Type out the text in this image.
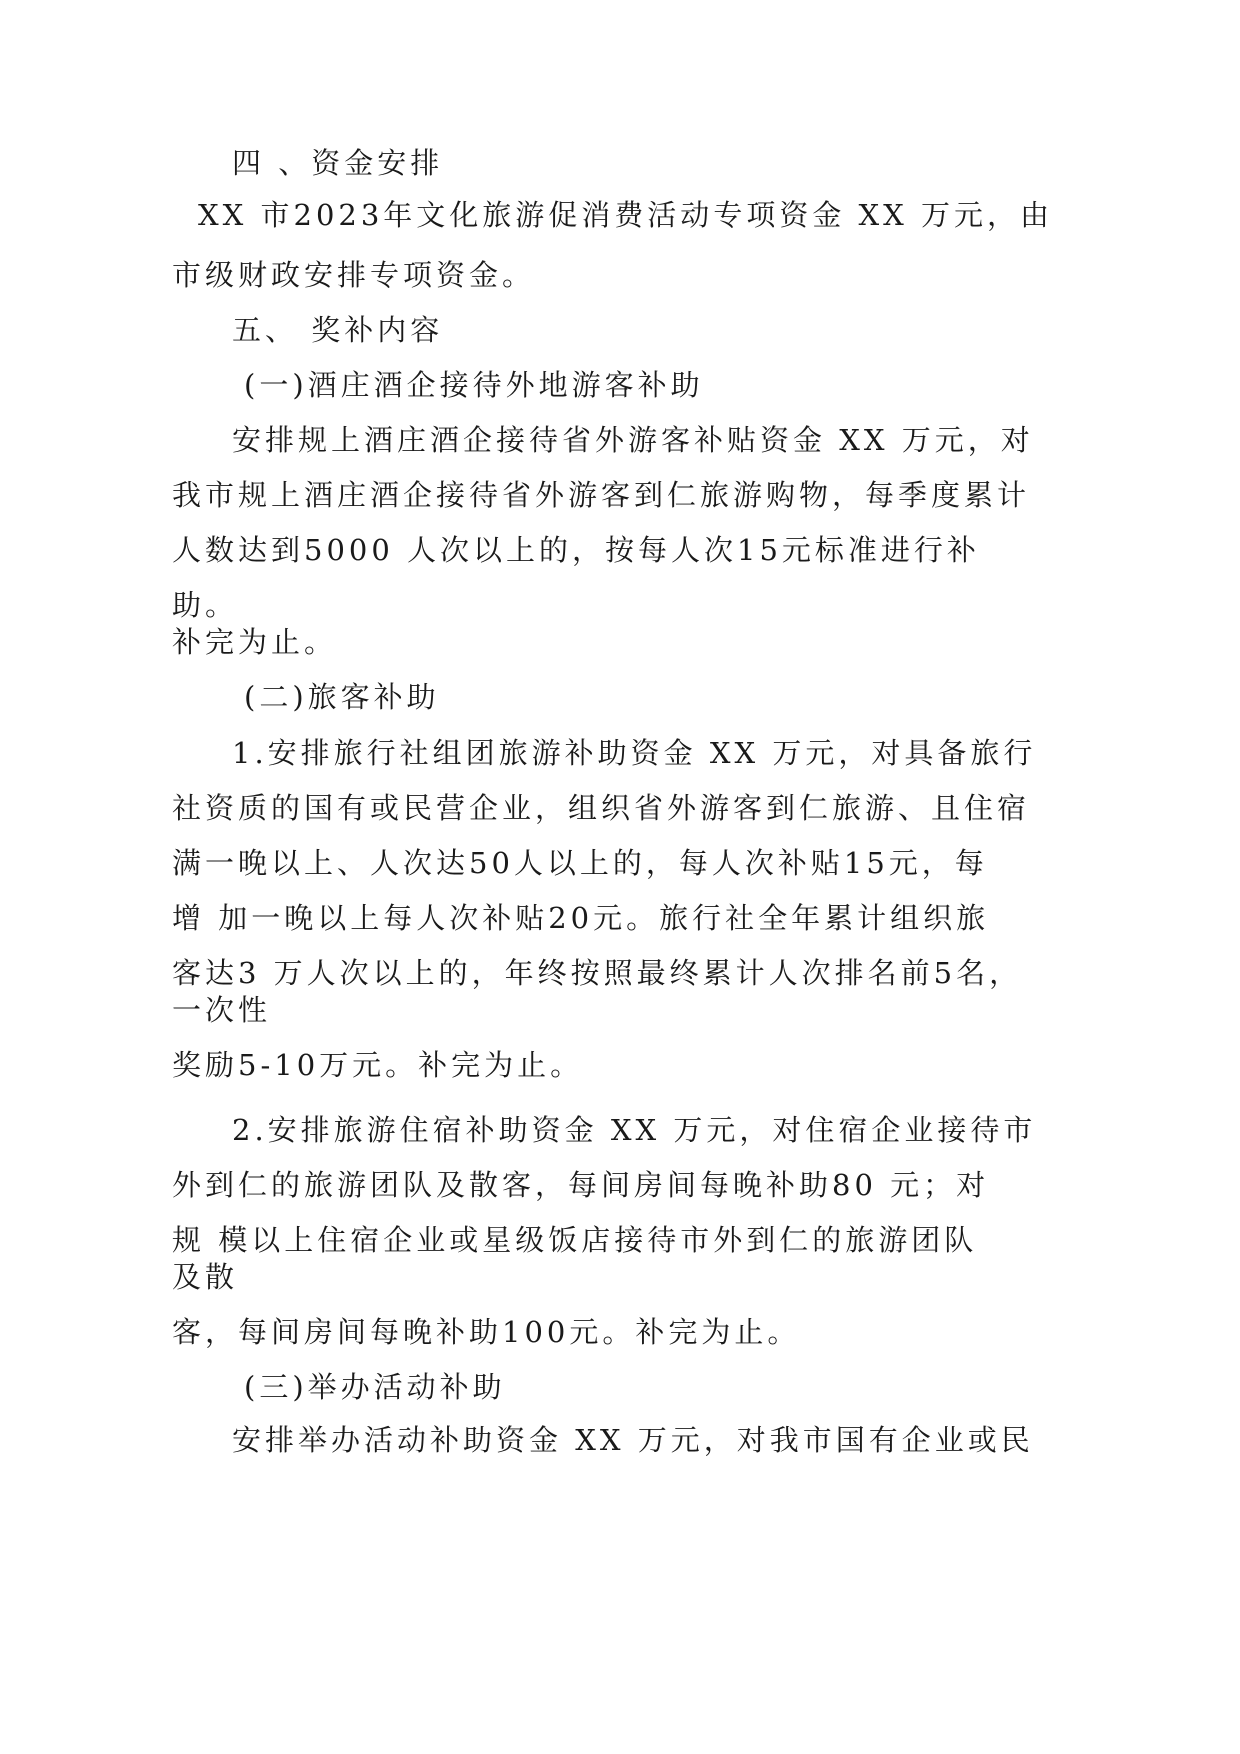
四 、资金安排

XX 市2023年文化旅游促消费活动专项资金 XX 万元，由

市级财政安排专项资金。

五、 奖补内容

(一)酒庄酒企接待外地游客补助

安排规上酒庄酒企接待省外游客补贴资金 XX 万元，对

我市规上酒庄酒企接待省外游客到仁旅游购物，每季度累计

人数达到5000 人次以上的，按每人次15元标准进行补

助。

补完为止。

(二)旅客补助

1.安排旅行社组团旅游补助资金 XX 万元，对具备旅行

社资质的国有或民营企业，组织省外游客到仁旅游、且住宿

满一晚以上、人次达50人以上的，每人次补贴15元，每

增 加一晚以上每人次补贴20元。旅行社全年累计组织旅

客达3 万人次以上的，年终按照最终累计人次排名前5名，

一次性

奖励5-10万元。补完为止。

2.安排旅游住宿补助资金 XX 万元，对住宿企业接待市

外到仁的旅游团队及散客，每间房间每晚补助80 元；对

规 模以上住宿企业或星级饭店接待市外到仁的旅游团队

及散

客，每间房间每晚补助100元。补完为止。

(三)举办活动补助

安排举办活动补助资金 XX 万元，对我市国有企业或民
